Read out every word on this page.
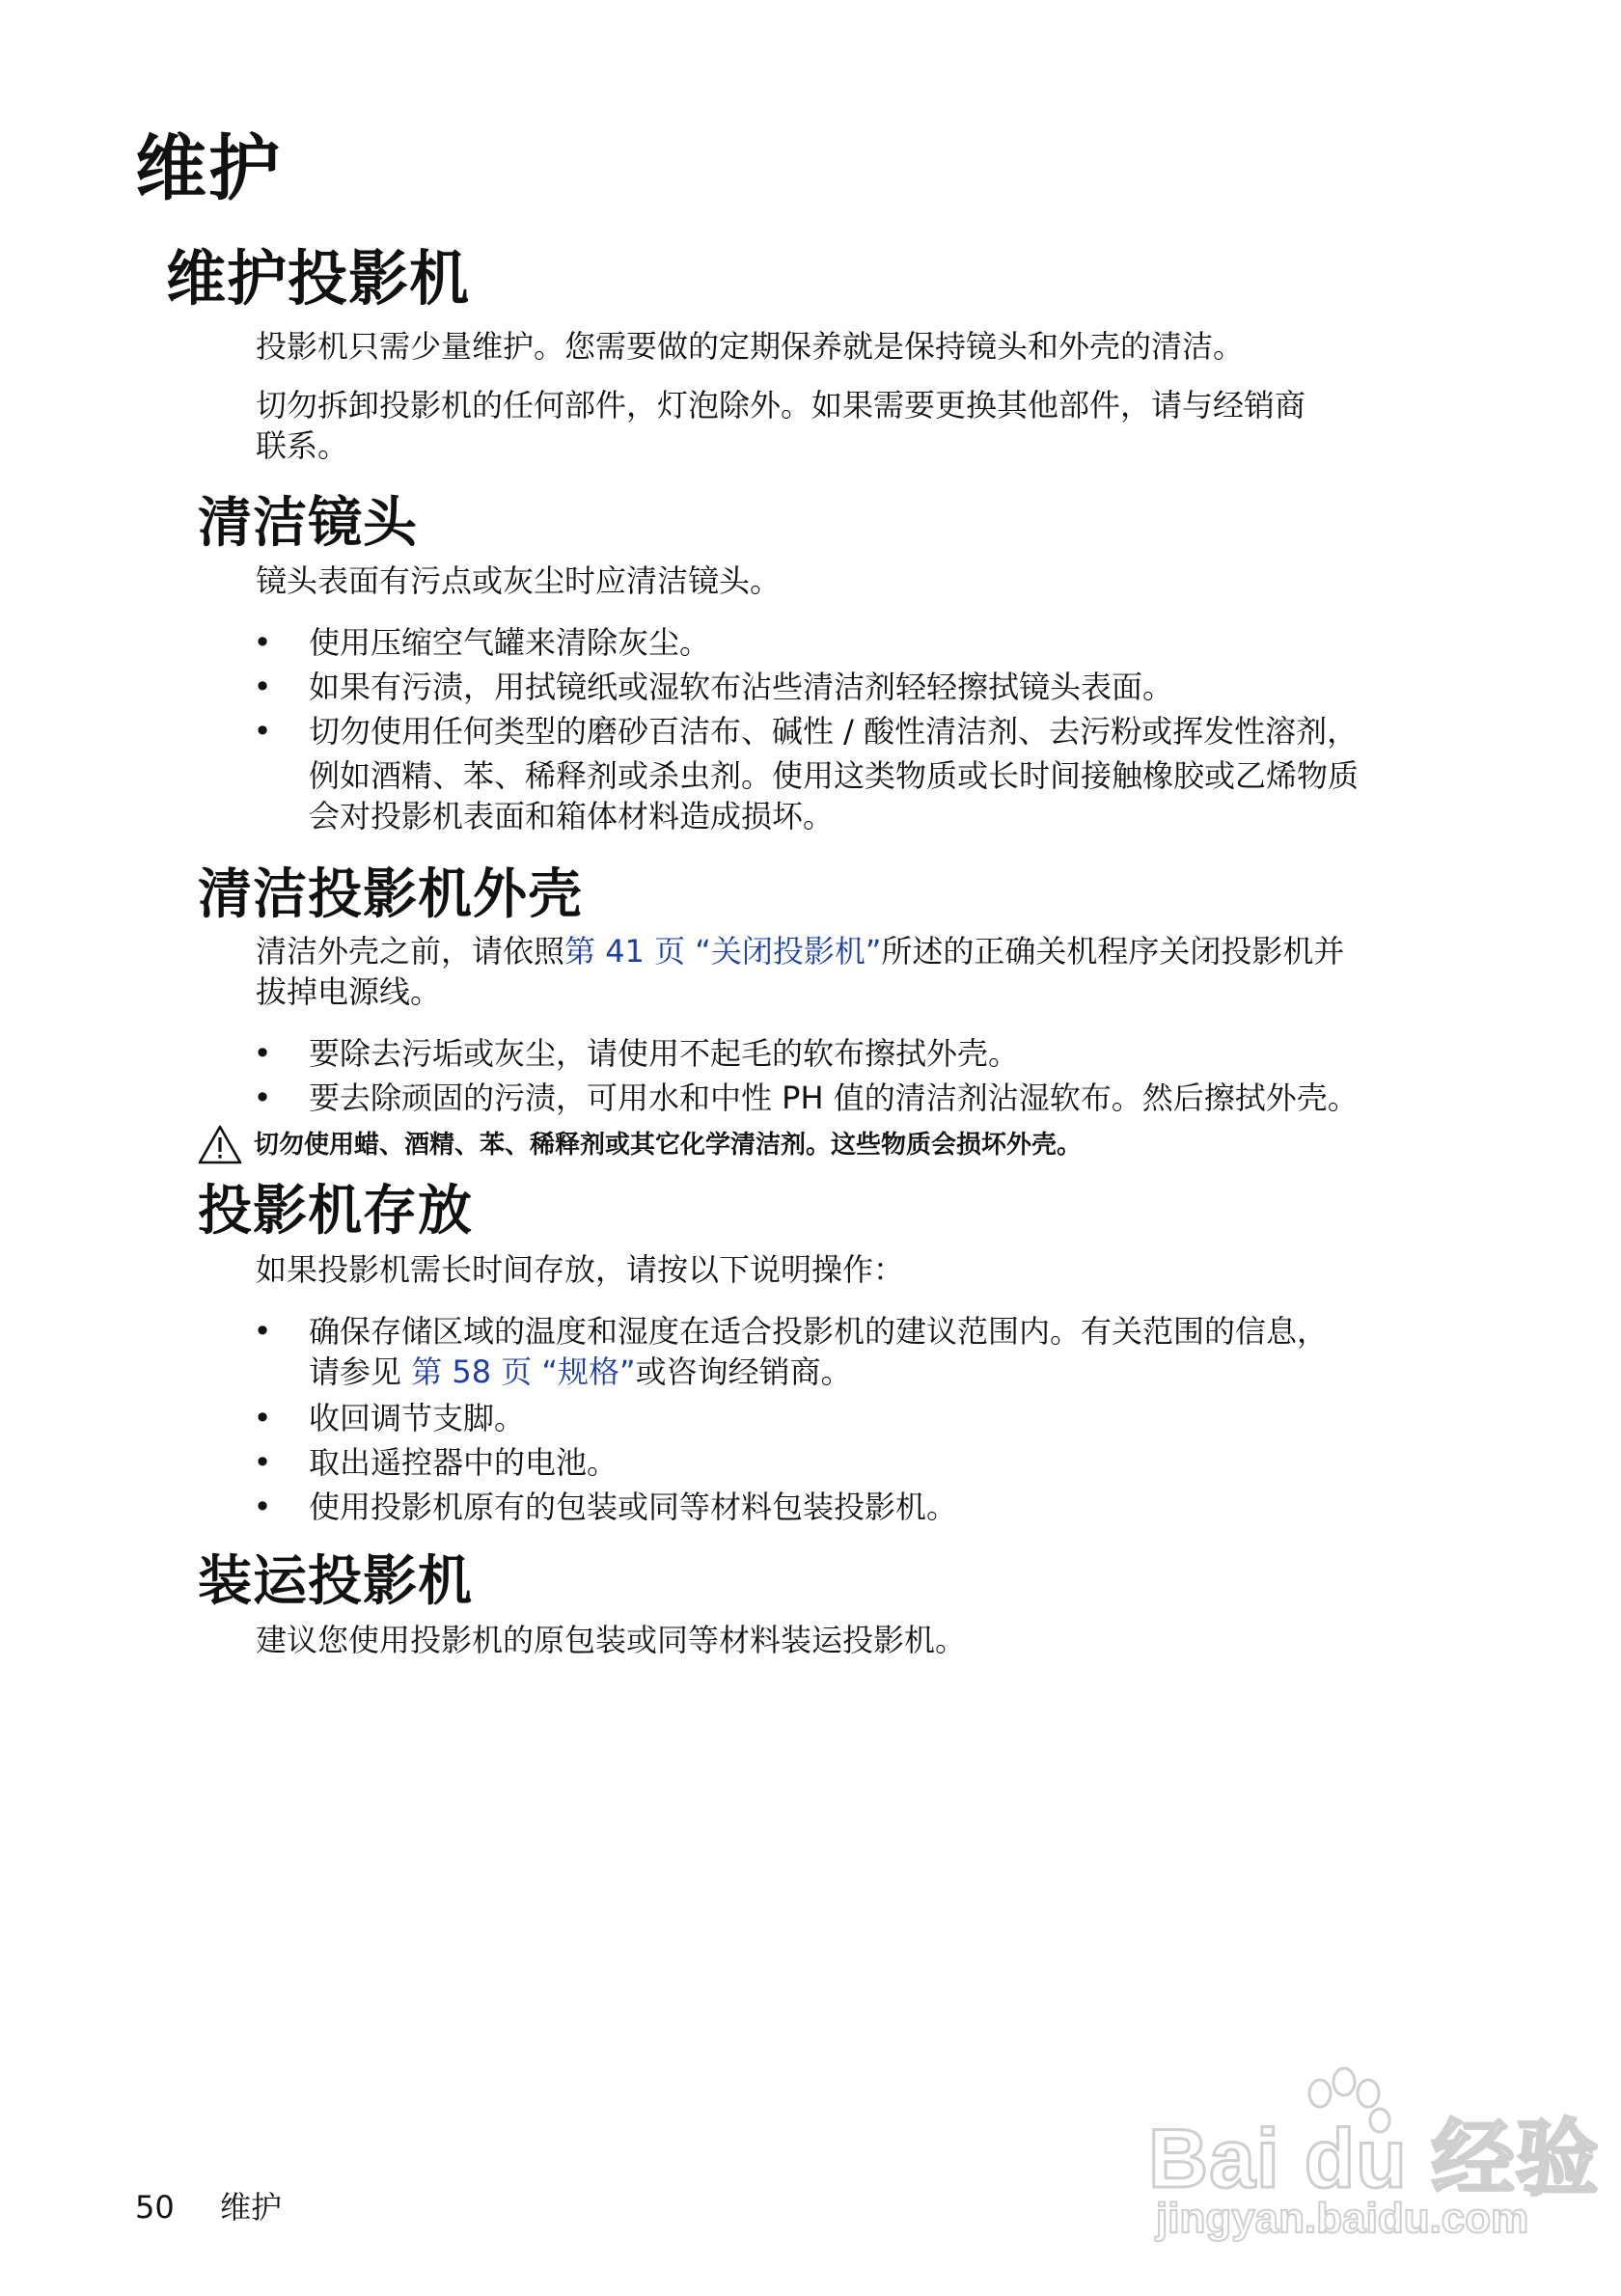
维护
维护投影机

投影机只需少量维护。您需要做的定期保养就是保持镜头和外壳的清洁。

切勿拆卸投影机的任何部件，灯泡除外。如果需要更换其他部件，请与经销商

联系。

清洁镜头

镜头表面有污点或灰尘时应清洁镜头。

• 使用压缩空气罐来清除灰尘。
• 如果有污渍，用拭镜纸或湿软布沾些清洁剂轻轻擦拭镜头表面。
• 切勿使用任何类型的磨砂百洁布、碱性 / 酸性清洁剂、去污粉或挥发性溶剂，

例如酒精、苯、稀释剂或杀虫剂。使用这类物质或长时间接触橡胶或乙烯物质

会对投影机表面和箱体材料造成损坏。

清洁投影机外壳

清洁外壳之前，请依照第 41 页 “关闭投影机”所述的正确关机程序关闭投影机并

拔掉电源线。

• 要除去污垢或灰尘，请使用不起毛的软布擦拭外壳。
• 要去除顽固的污渍，可用水和中性 PH 值的清洁剂沾湿软布。然后擦拭外壳。
切勿使用蜡、酒精、苯、稀释剂或其它化学清洁剂。这些物质会损坏外壳。
投影机存放

如果投影机需长时间存放，请按以下说明操作：

• 确保存储区域的温度和湿度在适合投影机的建议范围内。有关范围的信息，

请参见 第 58 页 “规格”或咨询经销商。

• 收回调节支脚。
• 取出遥控器中的电池。
• 使用投影机原有的包装或同等材料包装投影机。
装运投影机

建议您使用投影机的原包装或同等材料装运投影机。

50 维护
Bai du 经验
jingyan.baidu.com
